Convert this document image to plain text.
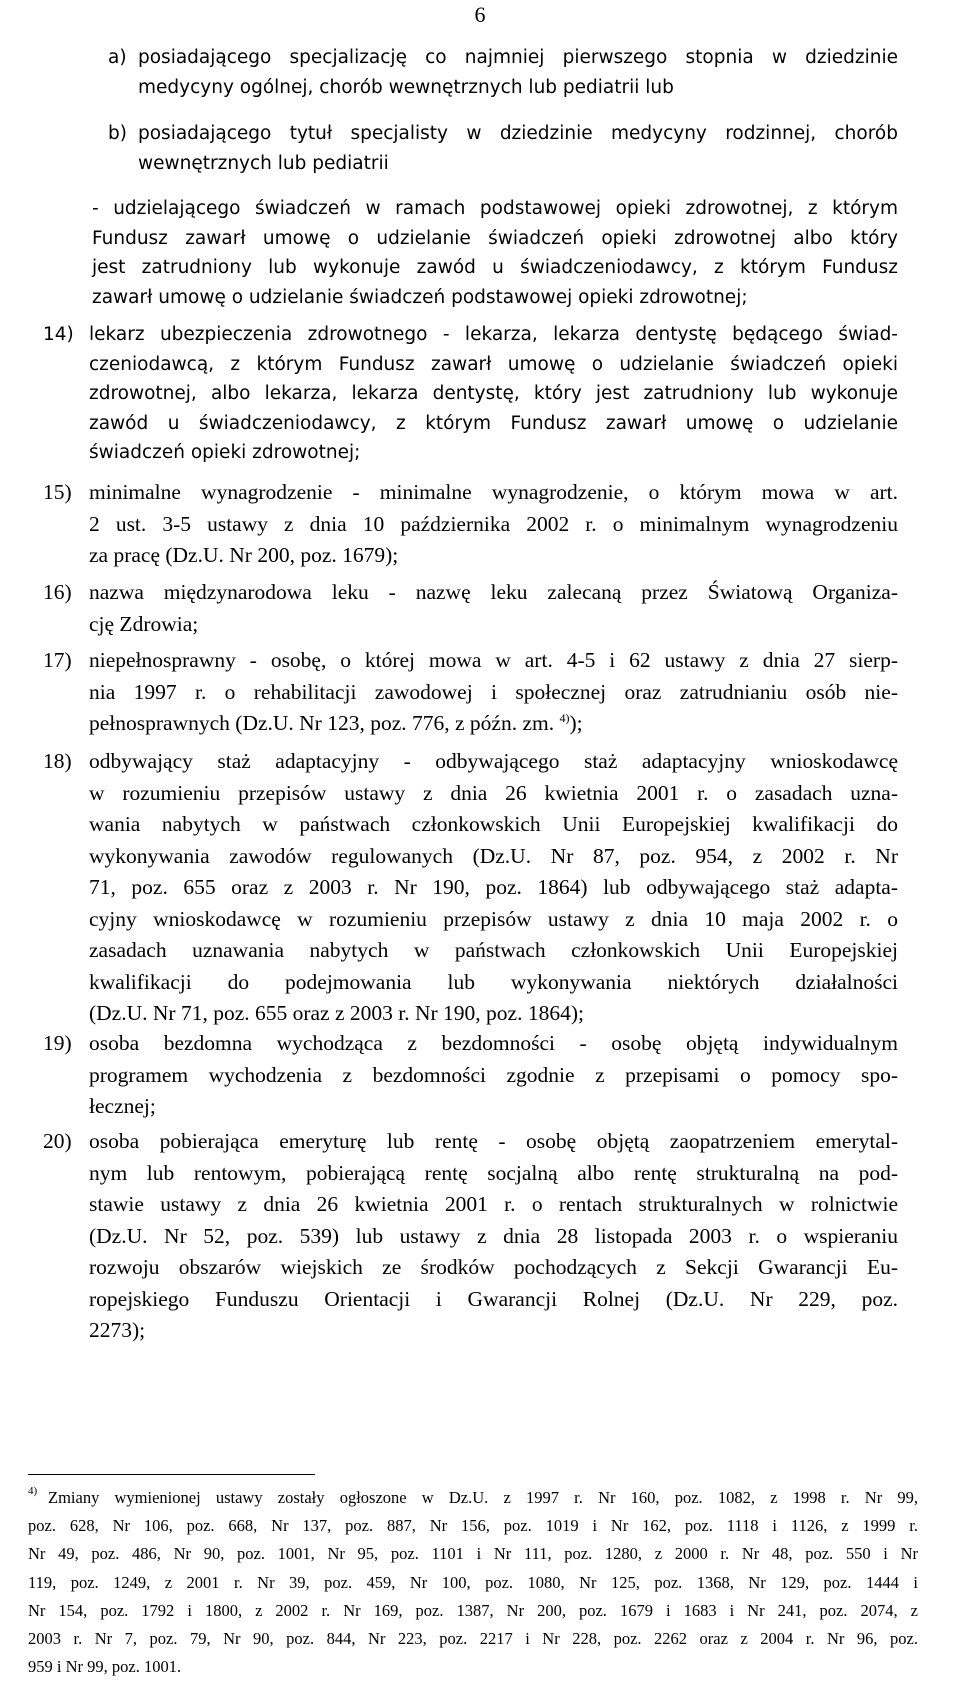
6
a) posiadającego specjalizację co najmniej pierwszego stopnia w dziedzinie
medycyny ogólnej, chorób wewnętrznych lub pediatrii lub
b) posiadającego tytuł specjalisty w dziedzinie medycyny rodzinnej, chorób
wewnętrznych lub pediatrii
- udzielającego świadczeń w ramach podstawowej opieki zdrowotnej, z którym
Fundusz zawarł umowę o udzielanie świadczeń opieki zdrowotnej albo który
jest zatrudniony lub wykonuje zawód u świadczeniodawcy, z którym Fundusz
zawarł umowę o udzielanie świadczeń podstawowej opieki zdrowotnej;
14) lekarz ubezpieczenia zdrowotnego - lekarza, lekarza dentystę będącego świad-
czeniodawcą, z którym Fundusz zawarł umowę o udzielanie świadczeń opieki
zdrowotnej, albo lekarza, lekarza dentystę, który jest zatrudniony lub wykonuje
zawód u świadczeniodawcy, z którym Fundusz zawarł umowę o udzielanie
świadczeń opieki zdrowotnej;
15) minimalne wynagrodzenie - minimalne wynagrodzenie, o którym mowa w art.
2 ust. 3-5 ustawy z dnia 10 października 2002 r. o minimalnym wynagrodzeniu
za pracę (Dz.U. Nr 200, poz. 1679);
16) nazwa międzynarodowa leku - nazwę leku zalecaną przez Światową Organiza-
cję Zdrowia;
17) niepełnosprawny - osobę, o której mowa w art. 4-5 i 62 ustawy z dnia 27 sierp-
nia 1997 r. o rehabilitacji zawodowej i społecznej oraz zatrudnianiu osób nie-
pełnosprawnych (Dz.U. Nr 123, poz. 776, z późn. zm. $^{4)}$);
18) odbywający staż adaptacyjny - odbywającego staż adaptacyjny wnioskodawcę
w rozumieniu przepisów ustawy z dnia 26 kwietnia 2001 r. o zasadach uzna-
wania nabytych w państwach członkowskich Unii Europejskiej kwalifikacji do
wykonywania zawodów regulowanych (Dz.U. Nr 87, poz. 954, z 2002 r. Nr
71, poz. 655 oraz z 2003 r. Nr 190, poz. 1864) lub odbywającego staż adapta-
cyjny wnioskodawcę w rozumieniu przepisów ustawy z dnia 10 maja 2002 r. o
zasadach uznawania nabytych w państwach członkowskich Unii Europejskiej
kwalifikacji do podejmowania lub wykonywania niektórych działalności
(Dz.U. Nr 71, poz. 655 oraz z 2003 r. Nr 190, poz. 1864);
19) osoba bezdomna wychodząca z bezdomności - osobę objętą indywidualnym
programem wychodzenia z bezdomności zgodnie z przepisami o pomocy spo-
łecznej;
20) osoba pobierająca emeryturę lub rentę - osobę objętą zaopatrzeniem emerytal-
nym lub rentowym, pobierającą rentę socjalną albo rentę strukturalną na pod-
stawie ustawy z dnia 26 kwietnia 2001 r. o rentach strukturalnych w rolnictwie
(Dz.U. Nr 52, poz. 539) lub ustawy z dnia 28 listopada 2003 r. o wspieraniu
rozwoju obszarów wiejskich ze środków pochodzących z Sekcji Gwarancji Eu-
ropejskiego Funduszu Orientacji i Gwarancji Rolnej (Dz.U. Nr 229, poz.
2273);
4) Zmiany wymienionej ustawy zostały ogłoszone w Dz.U. z 1997 r. Nr 160, poz. 1082, z 1998 r. Nr 99,
poz. 628, Nr 106, poz. 668, Nr 137, poz. 887, Nr 156, poz. 1019 i Nr 162, poz. 1118 i 1126, z 1999 r.
Nr 49, poz. 486, Nr 90, poz. 1001, Nr 95, poz. 1101 i Nr 111, poz. 1280, z 2000 r. Nr 48, poz. 550 i Nr
119, poz. 1249, z 2001 r. Nr 39, poz. 459, Nr 100, poz. 1080, Nr 125, poz. 1368, Nr 129, poz. 1444 i
Nr 154, poz. 1792 i 1800, z 2002 r. Nr 169, poz. 1387, Nr 200, poz. 1679 i 1683 i Nr 241, poz. 2074, z
2003 r. Nr 7, poz. 79, Nr 90, poz. 844, Nr 223, poz. 2217 i Nr 228, poz. 2262 oraz z 2004 r. Nr 96, poz.
959 i Nr 99, poz. 1001.
